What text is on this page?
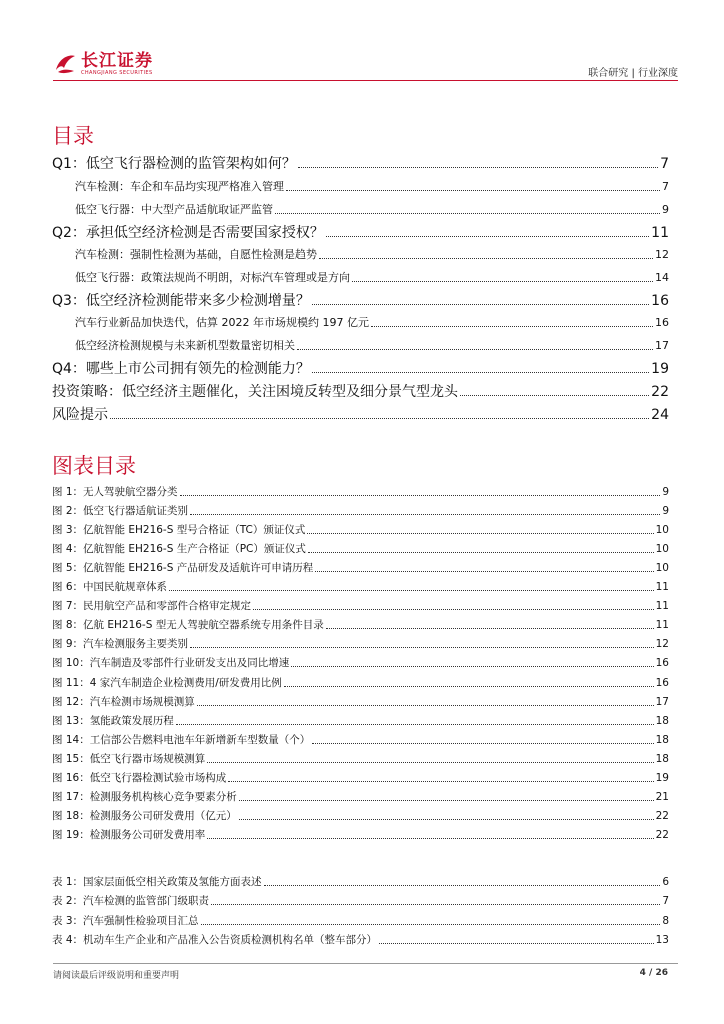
长江证券
CHANGJIANG SECURITIES	联合研究 | 行业深度
目录
Q1：低空飞行器检测的监管架构如何？	7
汽车检测：车企和车品均实现严格准入管理	7
低空飞行器：中大型产品适航取证严监管	9
Q2：承担低空经济检测是否需要国家授权？	11
汽车检测：强制性检测为基础，自愿性检测是趋势	12
低空飞行器：政策法规尚不明朗，对标汽车管理或是方向	14
Q3：低空经济检测能带来多少检测增量？	16
汽车行业新品加快迭代，估算 2022 年市场规模约 197 亿元	16
低空经济检测规模与未来新机型数量密切相关	17
Q4：哪些上市公司拥有领先的检测能力？	19
投资策略：低空经济主题催化，关注困境反转型及细分景气型龙头	22
风险提示	24
图表目录
图 1：无人驾驶航空器分类	9
图 2：低空飞行器适航证类别	9
图 3：亿航智能 EH216-S 型号合格证（TC）颁证仪式	10
图 4：亿航智能 EH216-S 生产合格证（PC）颁证仪式	10
图 5：亿航智能 EH216-S 产品研发及适航许可申请历程	10
图 6：中国民航规章体系	11
图 7：民用航空产品和零部件合格审定规定	11
图 8：亿航 EH216-S 型无人驾驶航空器系统专用条件目录	11
图 9：汽车检测服务主要类别	12
图 10：汽车制造及零部件行业研发支出及同比增速	16
图 11：4 家汽车制造企业检测费用/研发费用比例	16
图 12：汽车检测市场规模测算	17
图 13：氢能政策发展历程	18
图 14：工信部公告燃料电池车年新增新车型数量（个）	18
图 15：低空飞行器市场规模测算	18
图 16：低空飞行器检测试验市场构成	19
图 17：检测服务机构核心竞争要素分析	21
图 18：检测服务公司研发费用（亿元）	22
图 19：检测服务公司研发费用率	22
表 1：国家层面低空相关政策及氢能方面表述	6
表 2：汽车检测的监管部门级职责	7
表 3：汽车强制性检验项目汇总	8
表 4：机动车生产企业和产品准入公告资质检测机构名单（整车部分）	13
请阅读最后评级说明和重要声明	4 / 26
